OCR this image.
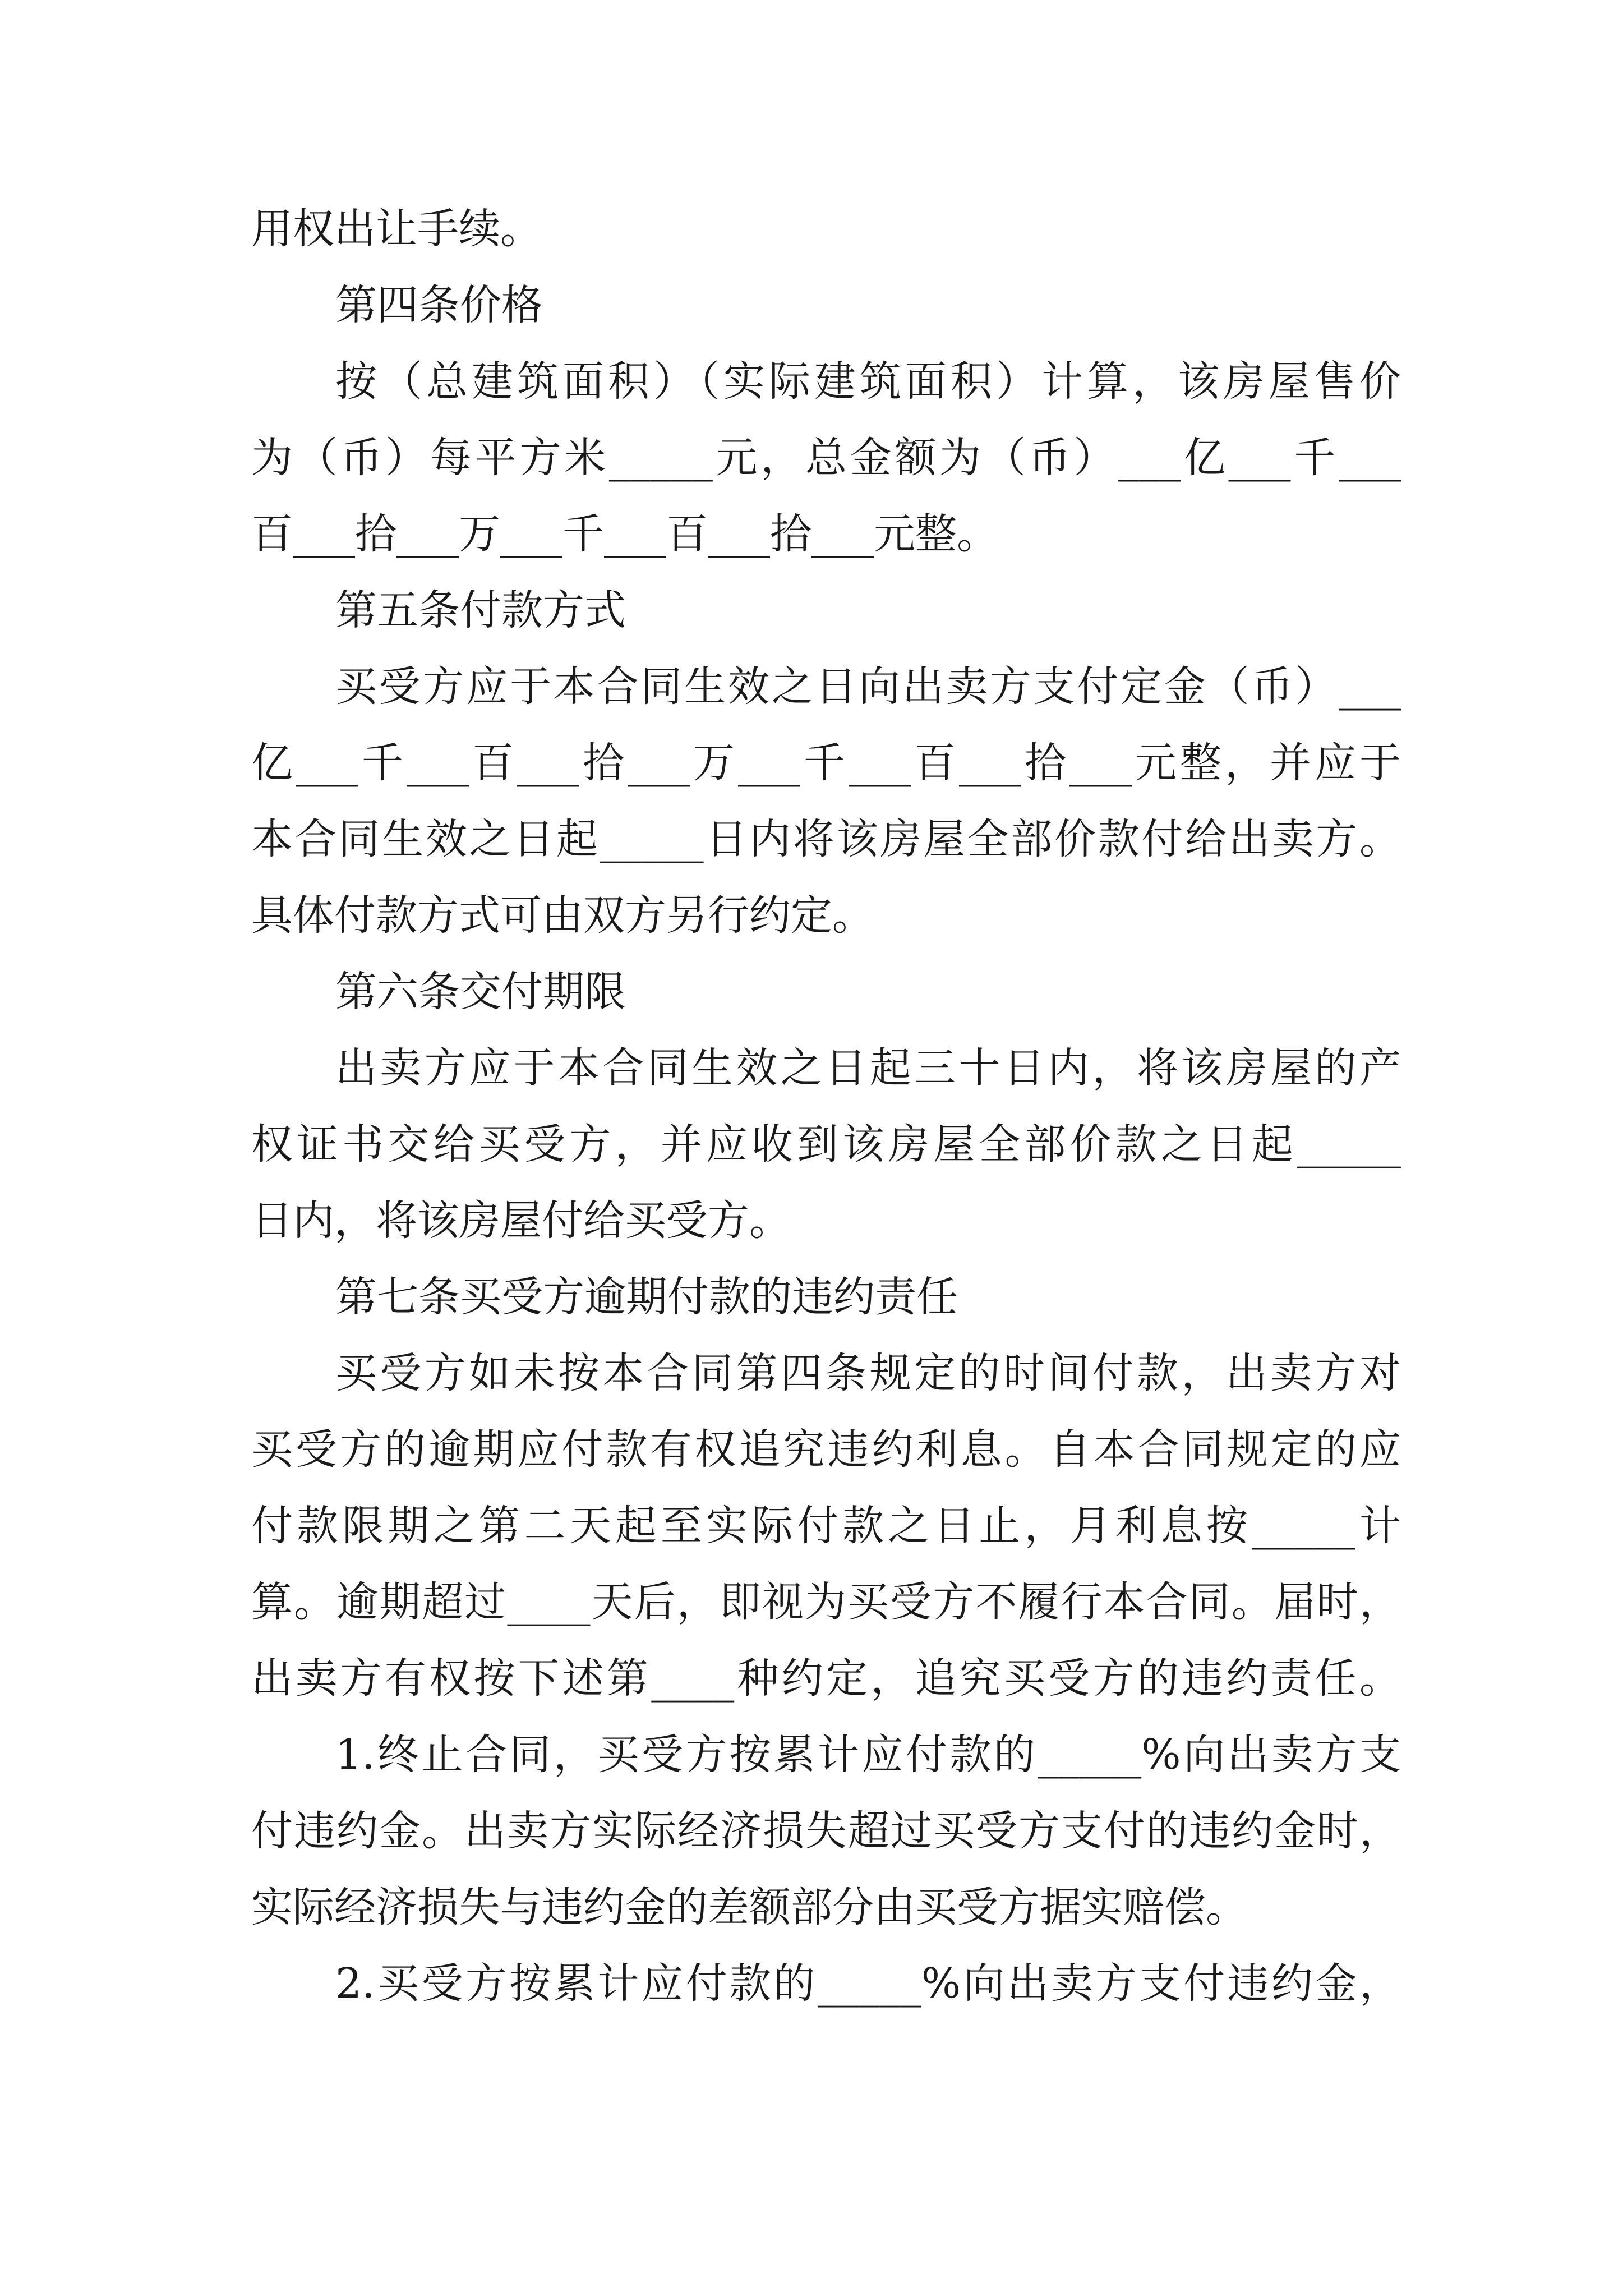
用权出让手续。
第四条价格
按（总建筑面积）（实际建筑面积）计算，该房屋售价
为（币）每平方米_____元，总金额为（币）___亿___千___
百___拾___万___千___百___拾___元整。
第五条付款方式
买受方应于本合同生效之日向出卖方支付定金（币）___
亿___千___百___拾___万___千___百___拾___元整，并应于
本合同生效之日起_____日内将该房屋全部价款付给出卖方。
具体付款方式可由双方另行约定。
第六条交付期限
出卖方应于本合同生效之日起三十日内，将该房屋的产
权证书交给买受方，并应收到该房屋全部价款之日起_____
日内，将该房屋付给买受方。
第七条买受方逾期付款的违约责任
买受方如未按本合同第四条规定的时间付款，出卖方对
买受方的逾期应付款有权追究违约利息。自本合同规定的应
付款限期之第二天起至实际付款之日止，月利息按_____计
算。逾期超过____天后，即视为买受方不履行本合同。届时，
出卖方有权按下述第____种约定，追究买受方的违约责任。
1.终止合同，买受方按累计应付款的_____%向出卖方支
付违约金。出卖方实际经济损失超过买受方支付的违约金时，
实际经济损失与违约金的差额部分由买受方据实赔偿。
2.买受方按累计应付款的_____%向出卖方支付违约金，
